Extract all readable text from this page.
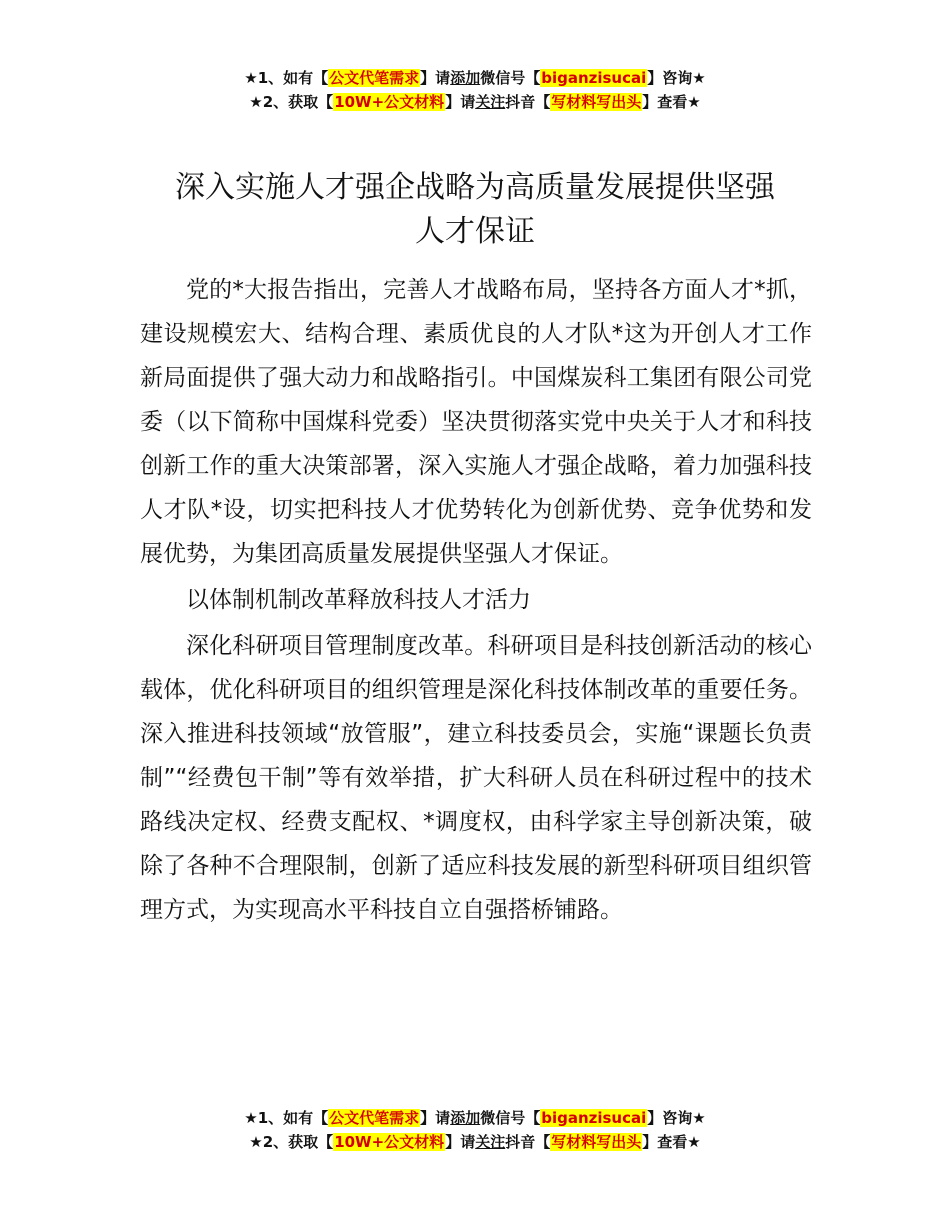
★1、如有【公文代笔需求】请添加微信号【biganzisucai】咨询★
★2、获取【10W+公文材料】请关注抖音【写材料写出头】查看★
深入实施人才强企战略为高质量发展提供坚强
人才保证

党的*大报告指出，完善人才战略布局，坚持各方面人才*抓，建设规模宏大、结构合理、素质优良的人才队*这为开创人才工作新局面提供了强大动力和战略指引。中国煤炭科工集团有限公司党委（以下简称中国煤科党委）坚决贯彻落实党中央关于人才和科技创新工作的重大决策部署，深入实施人才强企战略，着力加强科技人才队*设，切实把科技人才优势转化为创新优势、竞争优势和发展优势，为集团高质量发展提供坚强人才保证。

以体制机制改革释放科技人才活力

深化科研项目管理制度改革。科研项目是科技创新活动的核心载体，优化科研项目的组织管理是深化科技体制改革的重要任务。深入推进科技领域“放管服”，建立科技委员会，实施“课题长负责制”“经费包干制”等有效举措，扩大科研人员在科研过程中的技术路线决定权、经费支配权、*调度权，由科学家主导创新决策，破除了各种不合理限制，创新了适应科技发展的新型科研项目组织管理方式，为实现高水平科技自立自强搭桥铺路。

★1、如有【公文代笔需求】请添加微信号【biganzisucai】咨询★
★2、获取【10W+公文材料】请关注抖音【写材料写出头】查看★
